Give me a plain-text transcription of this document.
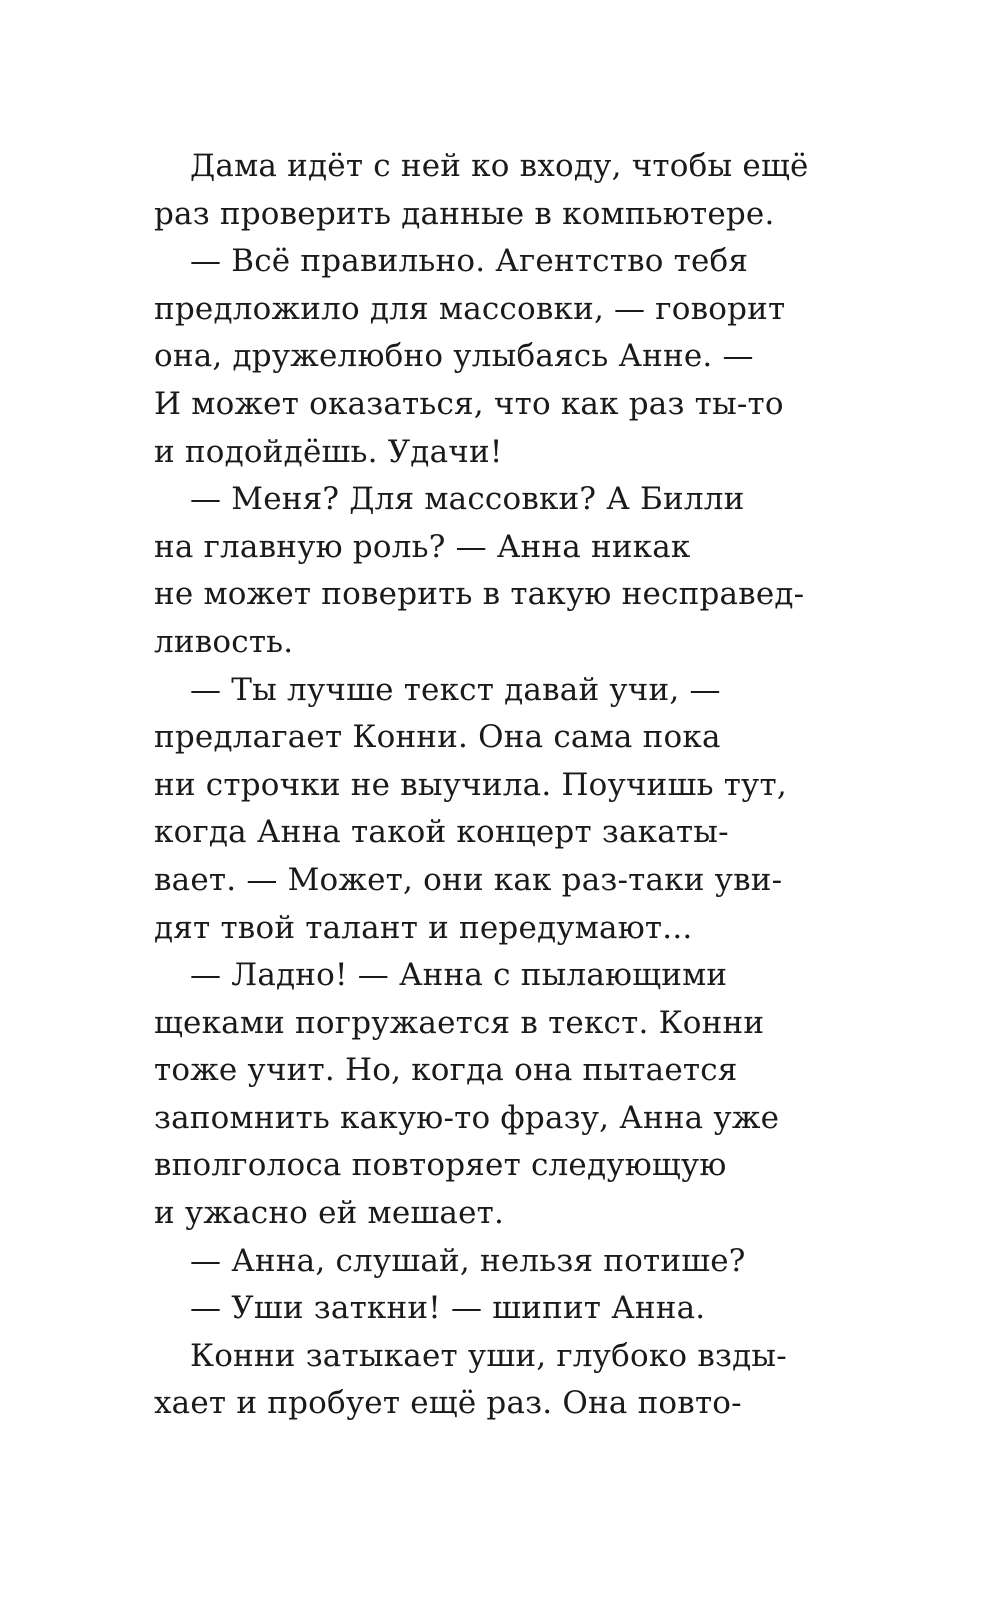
Дама идёт с ней ко входу, чтобы ещё
раз проверить данные в компьютере.
— Всё правильно. Агентство тебя
предложило для массовки, — говорит
она, дружелюбно улыбаясь Анне. —
И может оказаться, что как раз ты-то
и подойдёшь. Удачи!
— Меня? Для массовки? А Билли
на главную роль? — Анна никак
не может поверить в такую несправед-
ливость.
— Ты лучше текст давай учи, —
предлагает Конни. Она сама пока
ни строчки не выучила. Поучишь тут,
когда Анна такой концерт закаты-
вает. — Может, они как раз-таки уви-
дят твой талант и передумают...
— Ладно! — Анна с пылающими
щеками погружается в текст. Конни
тоже учит. Но, когда она пытается
запомнить какую-то фразу, Анна уже
вполголоса повторяет следующую
и ужасно ей мешает.
— Анна, слушай, нельзя потише?
— Уши заткни! — шипит Анна.
Конни затыкает уши, глубоко взды-
хает и пробует ещё раз. Она повто-
